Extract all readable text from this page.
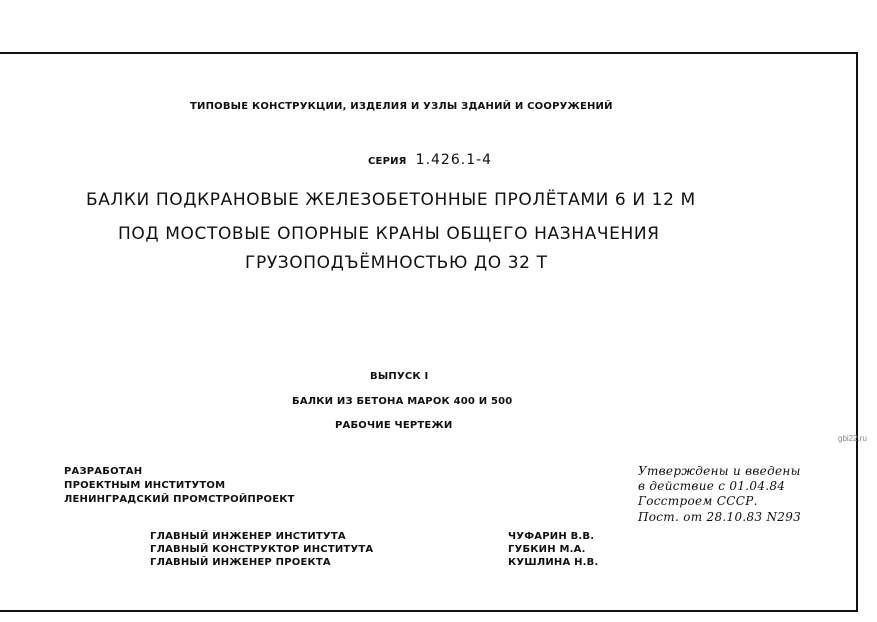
ТИПОВЫЕ КОНСТРУКЦИИ, ИЗДЕЛИЯ И УЗЛЫ ЗДАНИЙ И СООРУЖЕНИЙ
СЕРИЯ 1.426.1-4
БАЛКИ ПОДКРАНОВЫЕ ЖЕЛЕЗОБЕТОННЫЕ ПРОЛЁТАМИ 6 И 12 М
ПОД МОСТОВЫЕ ОПОРНЫЕ КРАНЫ ОБЩЕГО НАЗНАЧЕНИЯ
ГРУЗОПОДЪЁМНОСТЬЮ ДО 32 Т
ВЫПУСК I
БАЛКИ ИЗ БЕТОНА МАРОК 400 И 500
РАБОЧИЕ ЧЕРТЕЖИ
РАЗРАБОТАН
ПРОЕКТНЫМ ИНСТИТУТОМ
ЛЕНИНГРАДСКИЙ ПРОМСТРОЙПРОЕКТ
Утверждены и введены
в действие с 01.04.84
Госстроем СССР.
Пост. от 28.10.83 N293
ГЛАВНЫЙ ИНЖЕНЕР ИНСТИТУТА	ЧУФАРИН В.В.
ГЛАВНЫЙ КОНСТРУКТОР ИНСТИТУТА	ГУБКИН М.А.
ГЛАВНЫЙ ИНЖЕНЕР ПРОЕКТА	КУШЛИНА Н.В.
gbi22.ru
